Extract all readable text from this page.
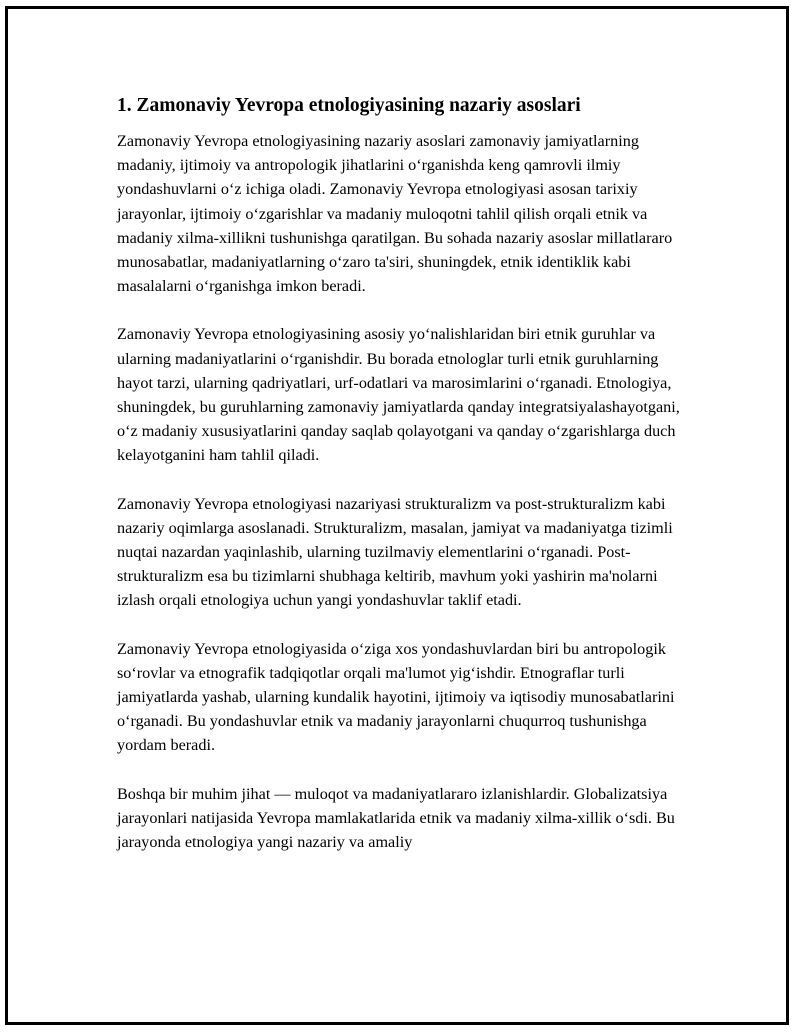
1. Zamonaviy Yevropa etnologiyasining nazariy asoslari

Zamonaviy Yevropa etnologiyasining nazariy asoslari zamonaviy jamiyatlarning madaniy, ijtimoiy va antropologik jihatlarini o‘rganishda keng qamrovli ilmiy yondashuvlarni o‘z ichiga oladi. Zamonaviy Yevropa etnologiyasi asosan tarixiy jarayonlar, ijtimoiy o‘zgarishlar va madaniy muloqotni tahlil qilish orqali etnik va madaniy xilma-xillikni tushunishga qaratilgan. Bu sohada nazariy asoslar millatlararo munosabatlar, madaniyatlarning o‘zaro ta'siri, shuningdek, etnik identiklik kabi masalalarni o‘rganishga imkon beradi.

Zamonaviy Yevropa etnologiyasining asosiy yo‘nalishlaridan biri etnik guruhlar va ularning madaniyatlarini o‘rganishdir. Bu borada etnologlar turli etnik guruhlarning hayot tarzi, ularning qadriyatlari, urf-odatlari va marosimlarini o‘rganadi. Etnologiya, shuningdek, bu guruhlarning zamonaviy jamiyatlarda qanday integratsiyalashayotgani, o‘z madaniy xususiyatlarini qanday saqlab qolayotgani va qanday o‘zgarishlarga duch kelayotganini ham tahlil qiladi.

Zamonaviy Yevropa etnologiyasi nazariyasi strukturalizm va post-strukturalizm kabi nazariy oqimlarga asoslanadi. Strukturalizm, masalan, jamiyat va madaniyatga tizimli nuqtai nazardan yaqinlashib, ularning tuzilmaviy elementlarini o‘rganadi. Post-strukturalizm esa bu tizimlarni shubhaga keltirib, mavhum yoki yashirin ma'nolarni izlash orqali etnologiya uchun yangi yondashuvlar taklif etadi.

Zamonaviy Yevropa etnologiyasida o‘ziga xos yondashuvlardan biri bu antropologik so‘rovlar va etnografik tadqiqotlar orqali ma'lumot yig‘ishdir. Etnograflar turli jamiyatlarda yashab, ularning kundalik hayotini, ijtimoiy va iqtisodiy munosabatlarini o‘rganadi. Bu yondashuvlar etnik va madaniy jarayonlarni chuqurroq tushunishga yordam beradi.

Boshqa bir muhim jihat — muloqot va madaniyatlararo izlanishlardir. Globalizatsiya jarayonlari natijasida Yevropa mamlakatlarida etnik va madaniy xilma-xillik o‘sdi. Bu jarayonda etnologiya yangi nazariy va amaliy
